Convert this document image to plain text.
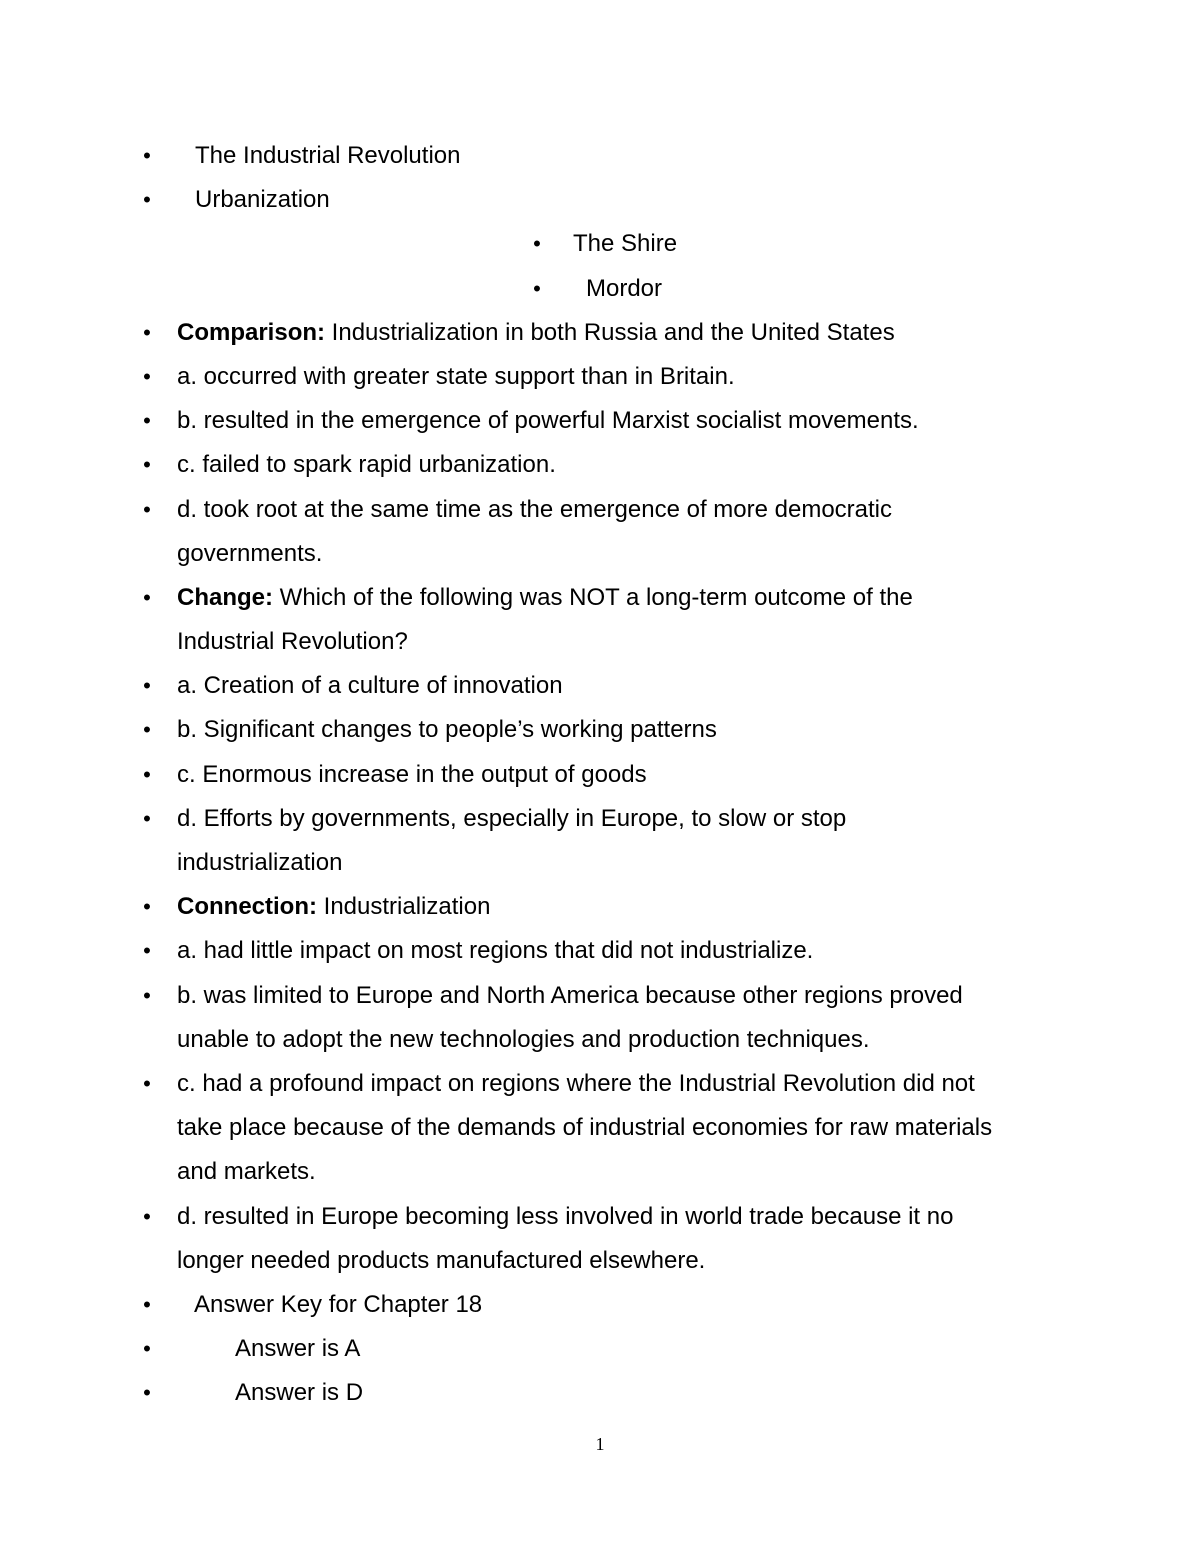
• The Industrial Revolution
• Urbanization
• The Shire
• Mordor
• Comparison: Industrialization in both Russia and the United States
• a. occurred with greater state support than in Britain.
• b. resulted in the emergence of powerful Marxist socialist movements.
• c. failed to spark rapid urbanization.
• d. took root at the same time as the emergence of more democratic
governments.
• Change: Which of the following was NOT a long-term outcome of the
Industrial Revolution?
• a. Creation of a culture of innovation
• b. Significant changes to people’s working patterns
• c. Enormous increase in the output of goods
• d. Efforts by governments, especially in Europe, to slow or stop
industrialization
• Connection: Industrialization
• a. had little impact on most regions that did not industrialize.
• b. was limited to Europe and North America because other regions proved
unable to adopt the new technologies and production techniques.
• c. had a profound impact on regions where the Industrial Revolution did not
take place because of the demands of industrial economies for raw materials
and markets.
• d. resulted in Europe becoming less involved in world trade because it no
longer needed products manufactured elsewhere.
• Answer Key for Chapter 18
•	Answer is A
•	Answer is D
1
